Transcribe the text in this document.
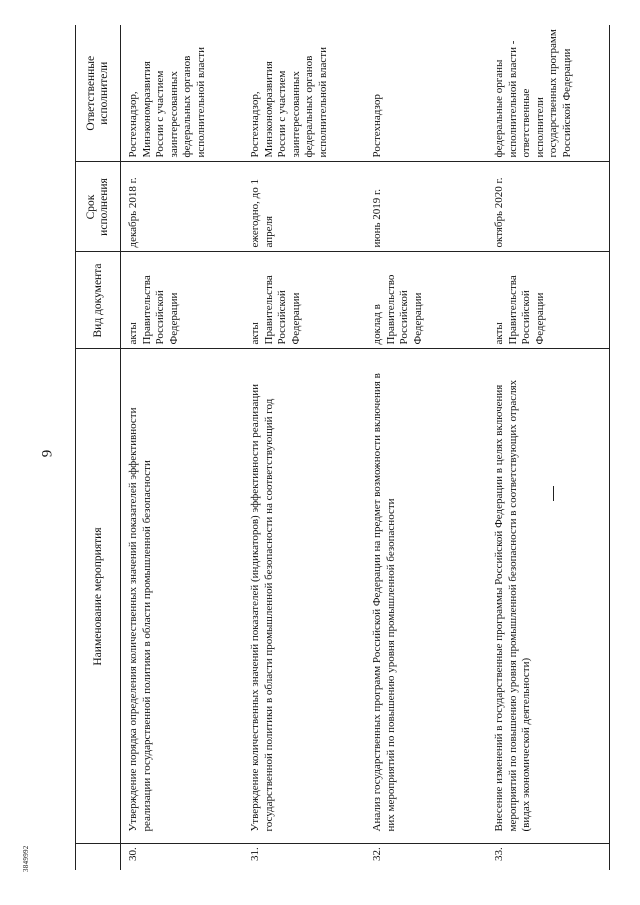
9
3849992
	Наименование мероприятия	Вид документа	Срок исполнения	Ответственные исполнители
30.	Утверждение порядка определения количественных значений показателей эффективности реализации государственной политики в области промышленной безопасности	акты Правительства Российской Федерации	декабрь 2018 г.	Ростехнадзор, Минэкономразвития России с участием заинтересованных федеральных органов исполнительной власти
31.	Утверждение количественных значений показателей (индикаторов) эффективности реализации государственной политики в области промышленной безопасности на соответствующий год	акты Правительства Российской Федерации	ежегодно, до 1 апреля	Ростехнадзор, Минэкономразвития России с участием заинтересованных федеральных органов исполнительной власти
32.	Анализ государственных программ Российской Федерации на предмет возможности включения в них мероприятий по повышению уровня промышленной безопасности	доклад в Правительство Российской Федерации	июнь 2019 г.	Ростехнадзор
33.	Внесение изменений в государственные программы Российской Федерации в целях включения мероприятий по повышению уровня промышленной безопасности в соответствующих отраслях (видах экономической деятельности)	акты Правительства Российской Федерации	октябрь 2020 г.	федеральные органы исполнительной власти - ответственные исполнители государственных программ Российской Федерации
